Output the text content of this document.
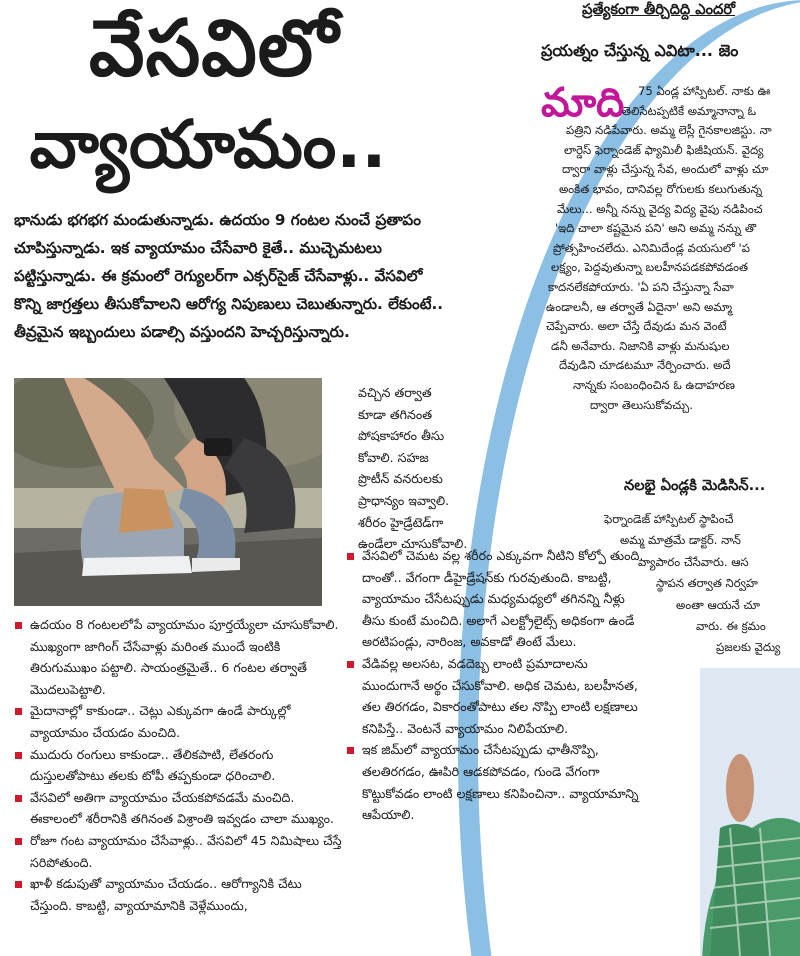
ప్రత్యేకంగా తీర్చిదిద్ది ఎందరో
ప్రయత్నం చేస్తున్న ఎవిటా... జెం
మాది	75 ఏండ్ల హాస్పిటల్. నాకు ఊ
తెలిసేటప్పటికే అమ్మానాన్నా ఓ
పత్రిని నడిపేవారు. అమ్మ లెస్లీ గైనకాలజిస్టు. నా
లార్డెస్ ఫెర్నాండెజ్ ఫ్యామిలీ ఫిజీషియన్. వైద్య
ద్వారా వాళ్లు చేస్తున్న సేవ, అందులో వాళ్లు చూ
అంకిత భావం, దానివల్ల రోగులకు కలుగుతున్న
మేలు... అన్నీ నన్ను వైద్య విద్య వైపు నడిపించ
'ఇది చాలా కష్టమైన పని' అని అమ్మ నన్ను తొ
ప్రోత్సహించలేదు. ఎనిమిదేండ్ల వయసులో 'ప
లక్ష్యం, పెద్దవుతున్నా బలహీనపడకపోవడంత
కాదనలేకపోయారు. 'ఏ పని చేస్తున్నా సేవా
ఉండాలనీ, ఆ తర్వాతే ఏదైనా' అని అమ్మా
చెప్పేవారు. అలా చేస్తే దేవుడు మన వెంటే
డనీ అనేవారు. నిజానికి వాళ్లు మనుషుల
దేవుడిని చూడటమూ నేర్పించారు. అదే
నాన్నకు సంబంధించిన ఓ ఉదాహరణ
ద్వారా తెలుసుకోవచ్చు.
నలభై ఏండ్లకి మెడిసిన్...
ఫెర్నాండెజ్ హాస్పిటల్ స్థాపించే
అమ్మ మాత్రమే డాక్టర్. నాన్
వ్యాపారం చేసేవారు. ఆస
స్థాపన తర్వాత నిర్వహ
అంతా ఆయనే చూ
వారు. ఈ క్రమం
ప్రజలకు వైద్యు
వేసవిలో
వ్యాయామం..
భానుడు భగభగ మండుతున్నాడు. ఉదయం 9 గంటల నుంచే ప్రతాపం చూపిస్తున్నాడు. ఇక వ్యాయామం చేసేవారి కైతే.. ముచ్చెమటలు పట్టిస్తున్నాడు. ఈ క్రమంలో రెగ్యులర్‌గా ఎక్సర్‌సైజ్ చేసేవాళ్లు.. వేసవిలో కొన్ని జాగ్రత్తలు తీసుకోవాలని ఆరోగ్య నిపుణులు చెబుతున్నారు. లేకుంటే.. తీవ్రమైన ఇబ్బందులు పడాల్సి వస్తుందని హెచ్చరిస్తున్నారు.
ఉదయం 8 గంటలలోపే వ్యాయామం పూర్తయ్యేలా చూసుకోవాలి. ముఖ్యంగా జాగింగ్ చేసేవాళ్లు మరింత ముందే ఇంటికి తిరుగుముఖం పట్టాలి. సాయంత్రమైతే.. 6 గంటల తర్వాతే మొదలుపెట్టాలి.
మైదానాల్లో కాకుండా.. చెట్లు ఎక్కువగా ఉండే పార్కుల్లో వ్యాయామం చేయడం మంచిది.
ముదురు రంగులు కాకుండా.. తేలికపాటి, లేతరంగు దుస్తులతోపాటు తలకు టోపీ తప్పకుండా ధరించాలి.
వేసవిలో అతిగా వ్యాయామం చేయకపోవడమే మంచిది. ఈకాలంలో శరీరానికి తగినంత విశ్రాంతి ఇవ్వడం చాలా ముఖ్యం.
రోజూ గంట వ్యాయామం చేసేవాళ్లు.. వేసవిలో 45 నిమిషాలు చేస్తే సరిపోతుంది.
ఖాళీ కడుపుతో వ్యాయామం చేయడం.. ఆరోగ్యానికి చేటు చేస్తుంది. కాబట్టి, వ్యాయామానికి వెళ్లేముందు,
వచ్చిన తర్వాత
కూడా తగినంత
పోషకాహారం తీసు
కోవాలి. సహజ
ప్రొటీన్ వనరులకు
ప్రాధాన్యం ఇవ్వాలి.
శరీరం హైడ్రేటెడ్‌గా
ఉండేలా చూసుకోవాలి.
వేసవిలో చెమట వల్ల శరీరం ఎక్కువగా నీటిని కోల్పో తుంది. దాంతో.. వేగంగా డీహైడ్రేషన్‌కు గురవుతుంది. కాబట్టి, వ్యాయామం చేసేటప్పుడు మధ్యమధ్యలో తగినన్ని నీళ్లు తీసు కుంటే మంచిది. అలాగే ఎలక్ట్రోలైట్స్ అధికంగా ఉండే అరటిపండ్లు, నారింజ, అవకాడో తింటే మేలు.
వేడివల్ల అలసట, వడదెబ్బ లాంటి ప్రమాదాలను ముందుగానే అర్థం చేసుకోవాలి. అధిక చెమట, బలహీనత, తల తిరగడం, వికారంతోపాటు తల నొప్పి లాంటి లక్షణాలు కనిపిస్తే.. వెంటనే వ్యాయామం నిలిపేయాలి.
ఇక జిమ్‌లో వ్యాయామం చేసేటప్పుడు ఛాతీనొప్పి, తలతిరగడం, ఊపిరి ఆడకపోవడం, గుండె వేగంగా కొట్టుకోవడం లాంటి లక్షణాలు కనిపించినా.. వ్యాయామాన్ని ఆపేయాలి.
